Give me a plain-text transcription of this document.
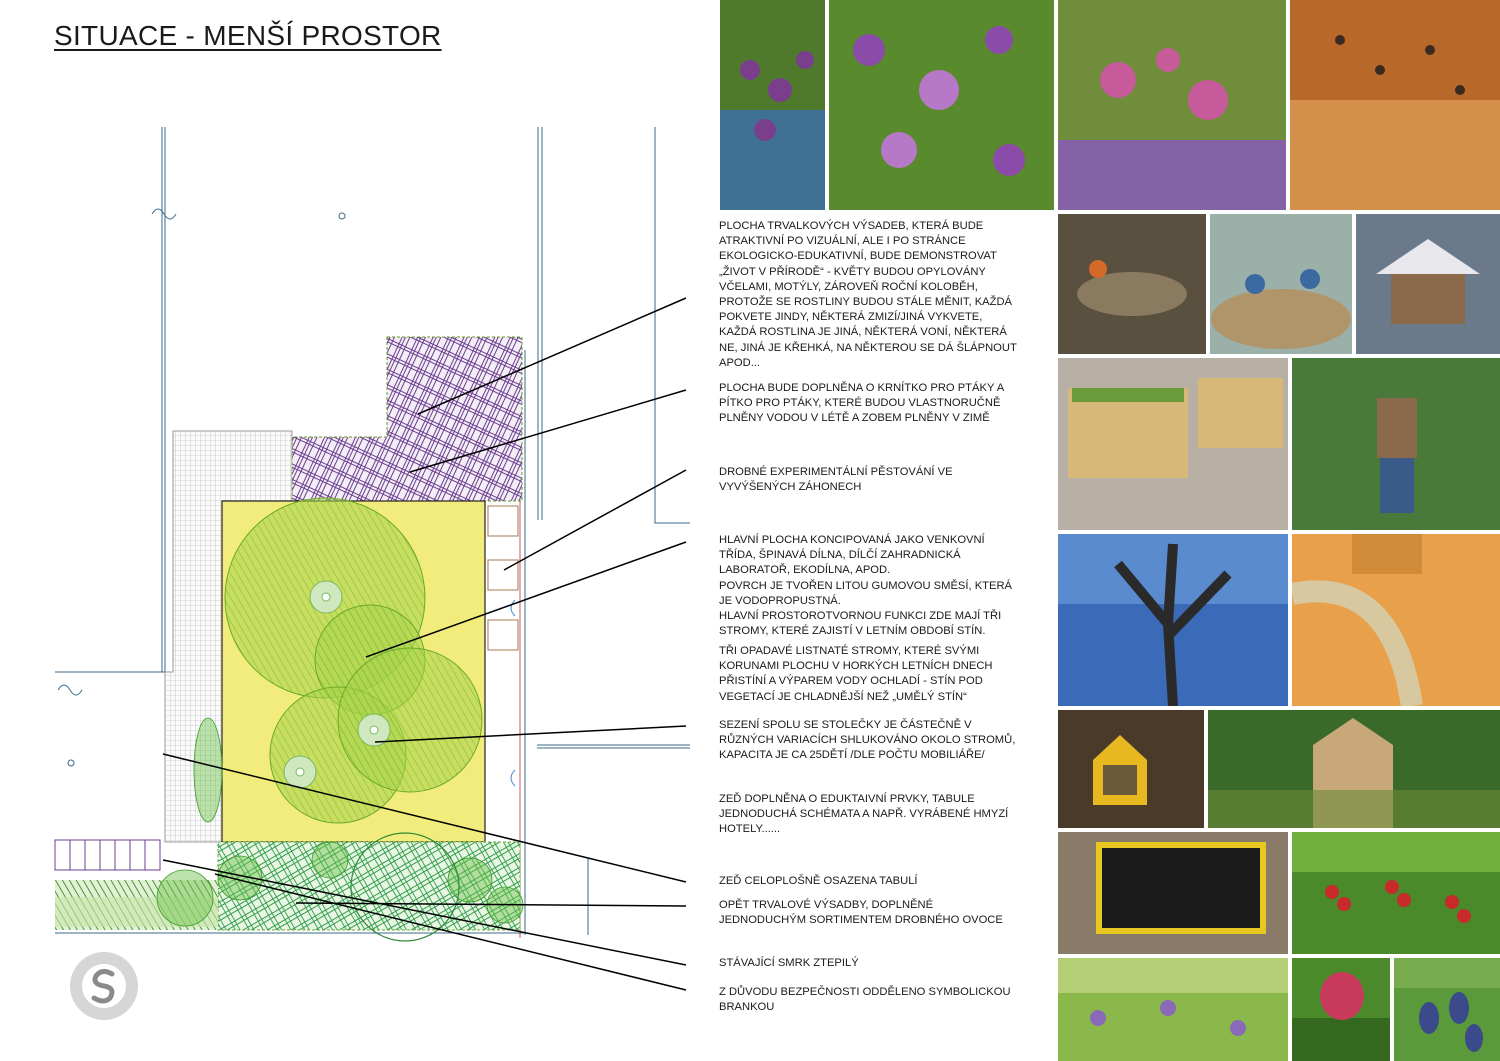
SITUACE - MENŠÍ PROSTOR

PLOCHA TRVALKOVÝCH VÝSADEB, KTERÁ BUDE ATRAKTIVNÍ PO VIZUÁLNÍ, ALE I PO STRÁNCE EKOLOGICKO-EDUKATIVNÍ, BUDE DEMONSTROVAT „ŽIVOT V PŘÍRODĚ“ - KVĚTY BUDOU OPYLOVÁNY VČELAMI, MOTÝLY, ZÁROVEŇ ROČNÍ KOLOBĚH, PROTOŽE SE ROSTLINY BUDOU STÁLE MĚNIT, KAŽDÁ POKVETE JINDY, NĚKTERÁ ZMIZÍ/JINÁ VYKVETE, KAŽDÁ ROSTLINA JE JINÁ, NĚKTERÁ VONÍ, NĚKTERÁ NE, JINÁ JE KŘEHKÁ, NA NĚKTEROU SE DÁ ŠLÁPNOUT APOD...

PLOCHA BUDE DOPLNĚNA O KRNÍTKO PRO PTÁKY A PÍTKO PRO PTÁKY, KTERÉ BUDOU VLASTNORUČNĚ PLNĚNY VODOU V LÉTĚ A ZOBEM PLNĚNY V ZIMĚ

DROBNÉ EXPERIMENTÁLNÍ PĚSTOVÁNÍ VE VYVÝŠENÝCH ZÁHONECH

HLAVNÍ PLOCHA KONCIPOVANÁ JAKO VENKOVNÍ TŘÍDA, ŠPINAVÁ DÍLNA, DÍLČÍ ZAHRADNICKÁ LABORATOŘ, EKODÍLNA, APOD.
POVRCH JE TVOŘEN LITOU GUMOVOU SMĚSÍ, KTERÁ JE VODOPROPUSTNÁ.
HLAVNÍ PROSTOROTVORNOU FUNKCI ZDE MAJÍ TŘI STROMY, KTERÉ ZAJISTÍ V LETNÍM OBDOBÍ STÍN.

TŘI OPADAVÉ LISTNATÉ STROMY, KTERÉ SVÝMI KORUNAMI PLOCHU V HORKÝCH LETNÍCH DNECH PŘISTÍNÍ A VÝPAREM VODY OCHLADÍ - STÍN POD VEGETACÍ JE CHLADNĚJŠÍ NEŽ „UMĚLÝ STÍN“

SEZENÍ SPOLU SE STOLEČKY JE ČÁSTEČNĚ V RŮZNÝCH VARIACÍCH SHLUKOVÁNO OKOLO STROMŮ,
KAPACITA JE CA 25DĚTÍ /DLE POČTU MOBILIÁŘE/

ZEĎ DOPLNĚNA O EDUKTAIVNÍ PRVKY, TABULE JEDNODUCHÁ SCHÉMATA A NAPŘ. VYRÁBENÉ HMYZÍ HOTELY......

ZEĎ CELOPLOŠNĚ OSAZENA TABULÍ

OPĚT TRVALOVÉ VÝSADBY, DOPLNĚNÉ JEDNODUCHÝM SORTIMENTEM DROBNÉHO OVOCE

STÁVAJÍCÍ SMRK ZTEPILÝ

Z DŮVODU BEZPEČNOSTI ODDĚLENO SYMBOLICKOU BRANKOU
